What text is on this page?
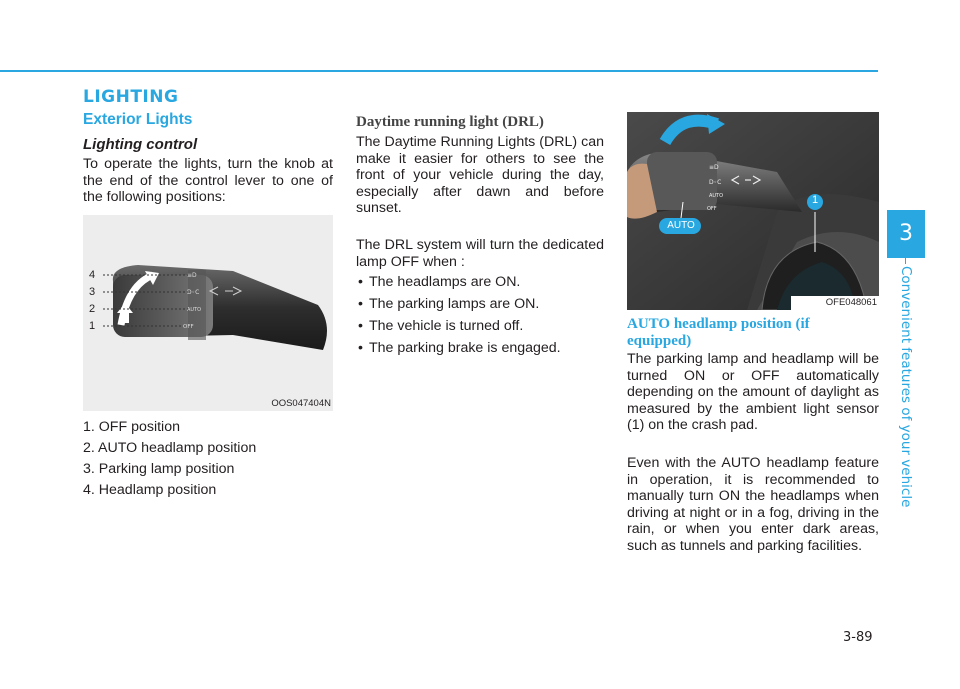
3
Convenient features of your vehicle
LIGHTING
Exterior Lights
Lighting control

To operate the lights, turn the knob at the end of the control lever to one of the following positions:

≡D
D◦C
AUTO
OFF
4
3
2
1
OOS047404N
1. OFF position
2. AUTO headlamp position
3. Parking lamp position
4. Headlamp position
Daytime running light (DRL)

The Daytime Running Lights (DRL) can make it easier for others to see the front of your vehicle during the day, especially after dawn and before sunset.

The DRL system will turn the dedicated lamp OFF when :

• The headlamps are ON.
• The parking lamps are ON.
• The vehicle is turned off.
• The parking brake is engaged.
≡D
D◦C
AUTO
OFF
AUTO
1
OFE048061
AUTO headlamp position (if equipped)

The parking lamp and headlamp will be turned ON or OFF automatically depending on the amount of daylight as measured by the ambient light sensor (1) on the crash pad.

Even with the AUTO headlamp feature in operation, it is recommended to manually turn ON the headlamps when driving at night or in a fog, driving in the rain, or when you enter dark areas, such as tunnels and parking facilities.

3-89
